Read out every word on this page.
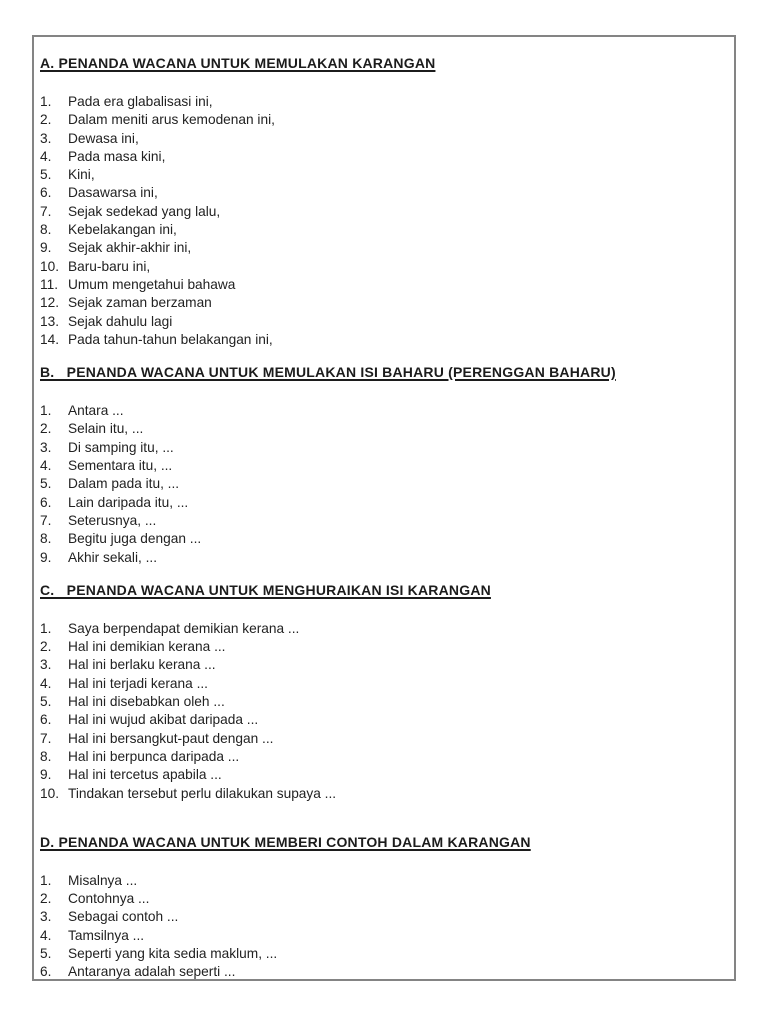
A. PENANDA WACANA UNTUK MEMULAKAN KARANGAN
1. Pada era glabalisasi ini,
2. Dalam meniti arus kemodenan ini,
3. Dewasa ini,
4. Pada masa kini,
5. Kini,
6. Dasawarsa ini,
7. Sejak sedekad yang lalu,
8. Kebelakangan ini,
9. Sejak akhir-akhir ini,
10. Baru-baru ini,
11. Umum mengetahui bahawa
12. Sejak zaman berzaman
13. Sejak dahulu lagi
14. Pada tahun-tahun belakangan ini,
B.   PENANDA WACANA UNTUK MEMULAKAN ISI BAHARU (PERENGGAN BAHARU)
1. Antara ...
2. Selain itu, ...
3. Di samping itu, ...
4. Sementara itu, ...
5. Dalam pada itu, ...
6. Lain daripada itu, ...
7. Seterusnya, ...
8. Begitu juga dengan ...
9. Akhir sekali, ...
C.   PENANDA WACANA UNTUK MENGHURAIKAN ISI KARANGAN
1. Saya berpendapat demikian kerana ...
2. Hal ini demikian kerana ...
3. Hal ini berlaku kerana ...
4. Hal ini terjadi kerana ...
5. Hal ini disebabkan oleh ...
6. Hal ini wujud akibat daripada ...
7. Hal ini bersangkut-paut dengan ...
8. Hal ini berpunca daripada ...
9. Hal ini tercetus apabila ...
10. Tindakan tersebut perlu dilakukan supaya ...
D. PENANDA WACANA UNTUK MEMBERI CONTOH DALAM KARANGAN
1. Misalnya ...
2. Contohnya ...
3. Sebagai contoh ...
4. Tamsilnya ...
5. Seperti yang kita sedia maklum, ...
6. Antaranya adalah seperti ...
